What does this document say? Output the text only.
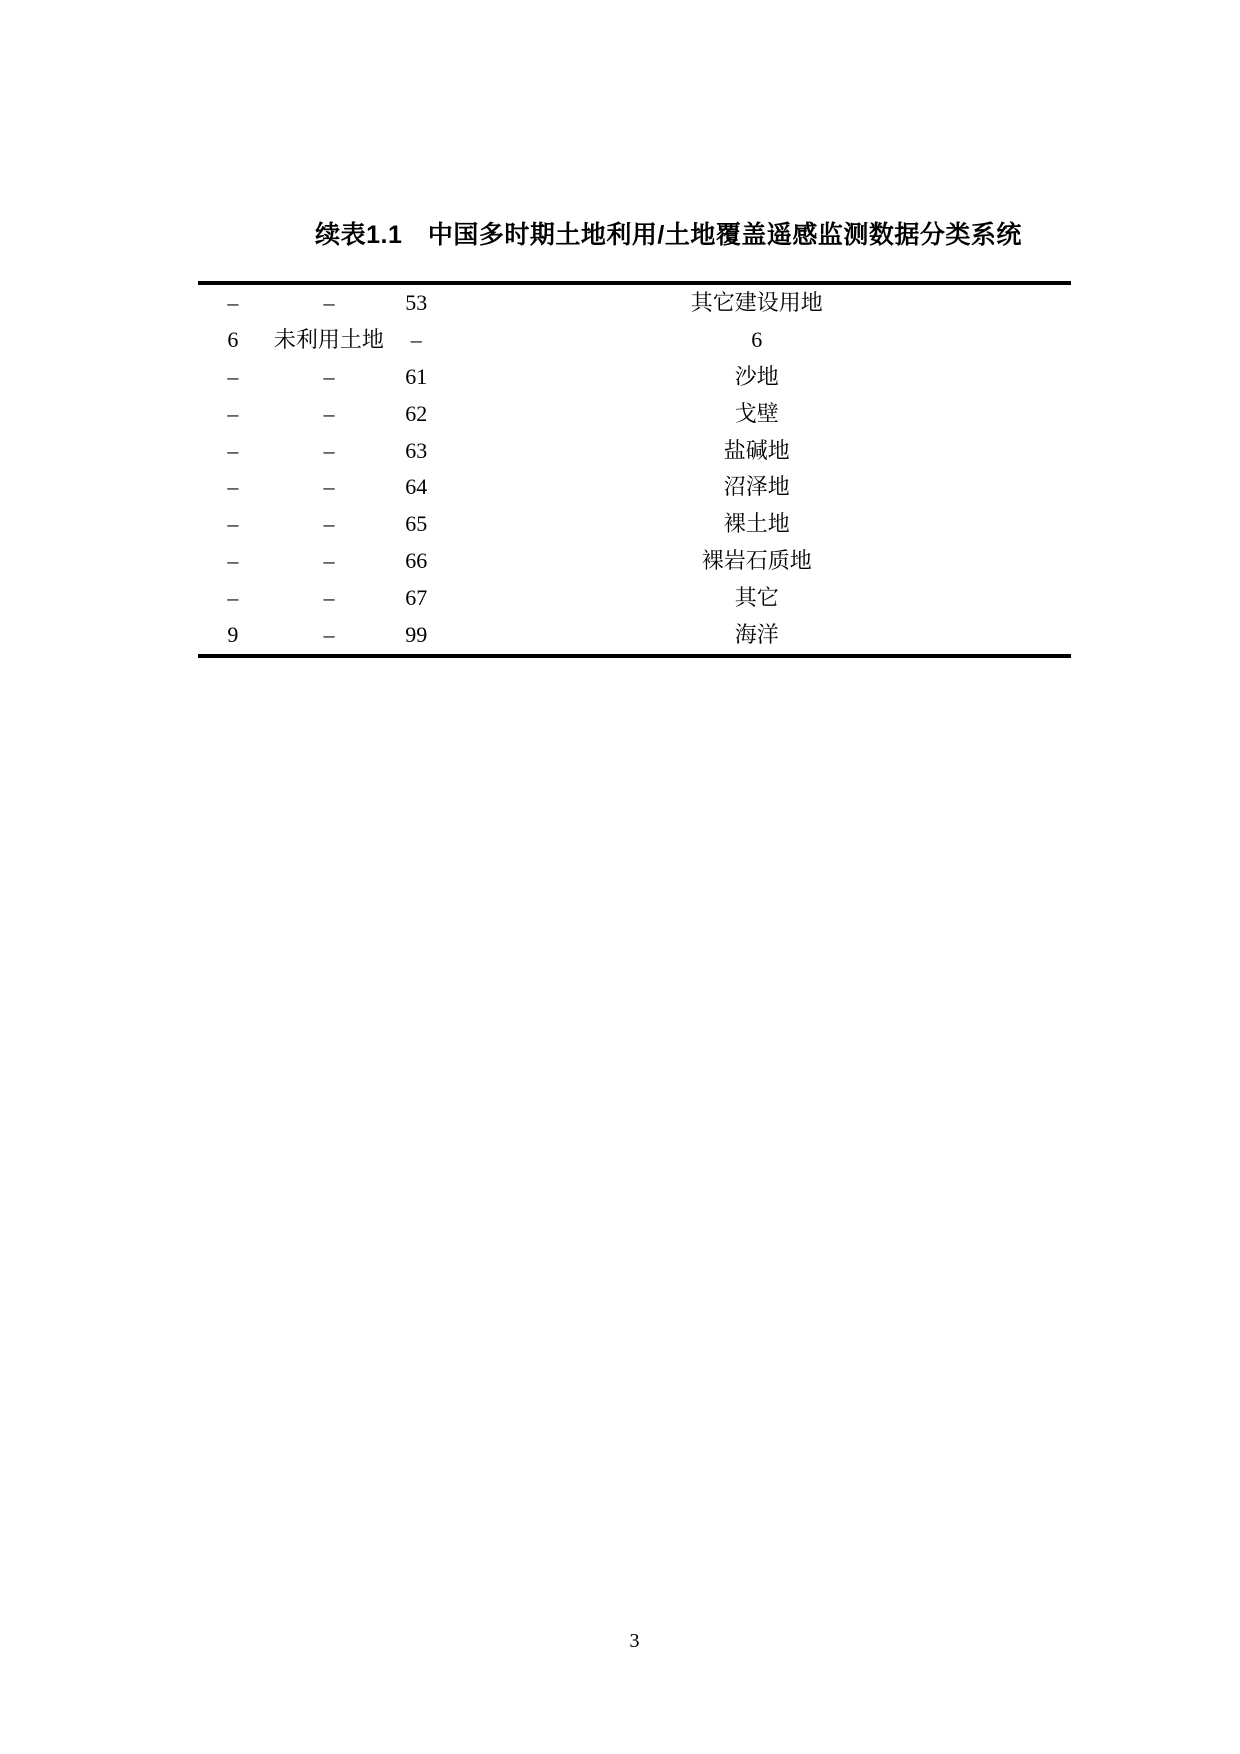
续表1.1　中国多时期土地利用/土地覆盖遥感监测数据分类系统
–	–	53	其它建设用地
6	未利用土地	–	6
–	–	61	沙地
–	–	62	戈壁
–	–	63	盐碱地
–	–	64	沼泽地
–	–	65	裸土地
–	–	66	裸岩石质地
–	–	67	其它
9	–	99	海洋
3
